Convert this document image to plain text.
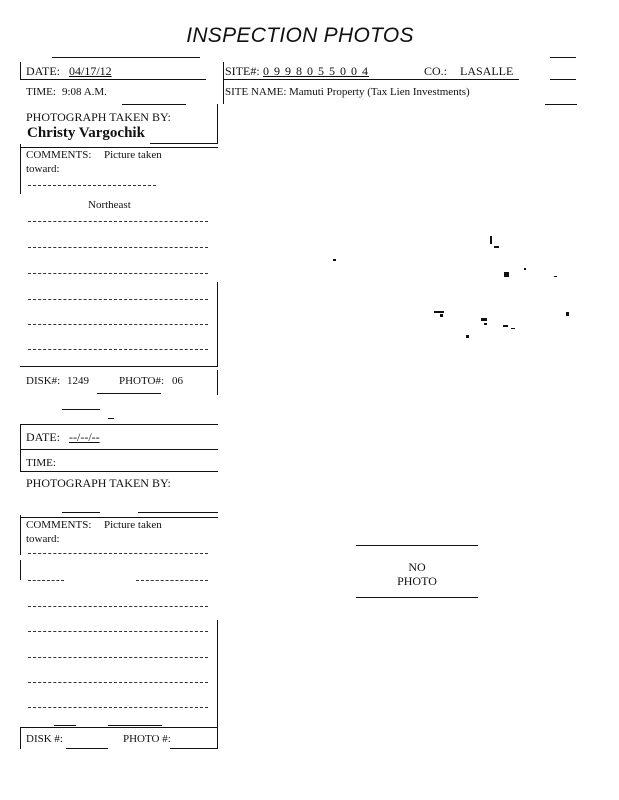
INSPECTION PHOTOS
DATE: 04/17/12
TIME: 9:08 A.M.
PHOTOGRAPH TAKEN BY:
Christy Vargochik
COMMENTS: Picture taken
toward:
Northeast
DISK#: 1249	PHOTO#: 06
SITE#: 0 9 9 8 0 5 5 0 0 4	CO.: LASALLE
SITE NAME: Mamuti Property (Tax Lien Investments)
DATE: --/--/--
TIME:
PHOTOGRAPH TAKEN BY:
COMMENTS: Picture taken
toward:
DISK #:	PHOTO #:
NO
PHOTO
